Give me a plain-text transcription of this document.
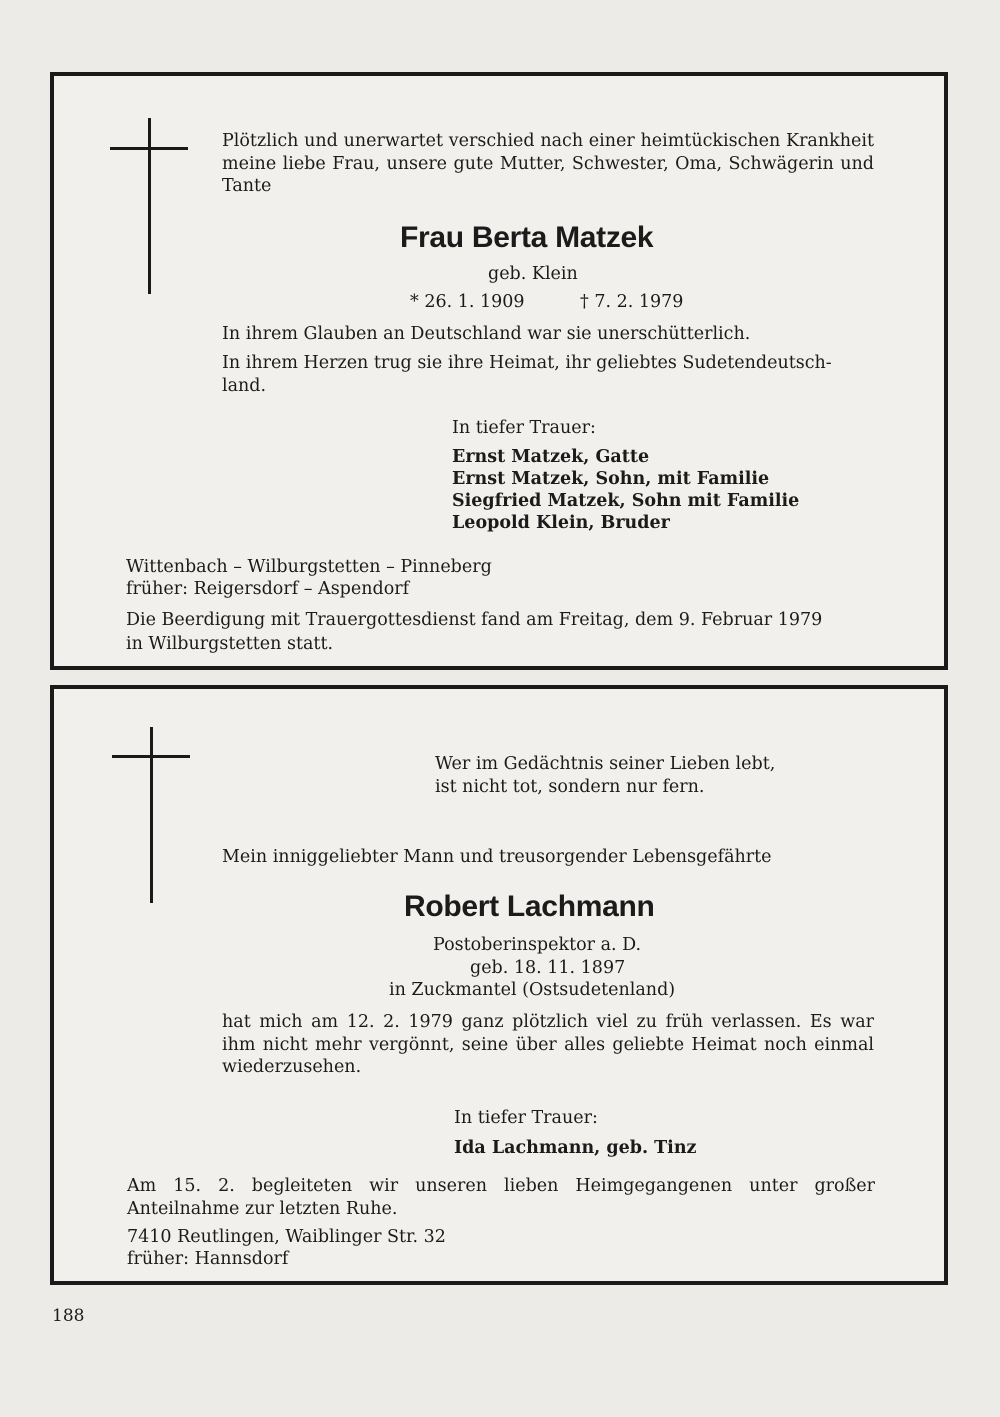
Plötzlich und unerwartet verschied nach einer heimtückischen Krankheit meine liebe Frau, unsere gute Mutter, Schwester, Oma, Schwägerin und Tante

Frau Berta Matzek

geb. Klein

* 26. 1. 1909	† 7. 2. 1979

In ihrem Glauben an Deutschland war sie unerschütterlich.

In ihrem Herzen trug sie ihre Heimat, ihr geliebtes Sudetendeutsch-

land.

In tiefer Trauer:

Ernst Matzek, Gatte

Ernst Matzek, Sohn, mit Familie

Siegfried Matzek, Sohn mit Familie

Leopold Klein, Bruder

Wittenbach – Wilburgstetten – Pinneberg

früher: Reigersdorf – Aspendorf

Die Beerdigung mit Trauergottesdienst fand am Freitag, dem 9. Februar 1979

in Wilburgstetten statt.

Wer im Gedächtnis seiner Lieben lebt,

ist nicht tot, sondern nur fern.

Mein inniggeliebter Mann und treusorgender Lebensgefährte

Robert Lachmann

Postoberinspektor a. D.

geb. 18. 11. 1897

in Zuckmantel (Ostsudetenland)

hat mich am 12. 2. 1979 ganz plötzlich viel zu früh verlassen. Es war ihm nicht mehr vergönnt, seine über alles geliebte Heimat noch einmal wiederzusehen.

In tiefer Trauer:

Ida Lachmann, geb. Tinz

Am 15. 2. begleiteten wir unseren lieben Heimgegangenen unter großer Anteilnahme zur letzten Ruhe.

7410 Reutlingen, Waiblinger Str. 32

früher: Hannsdorf

188
